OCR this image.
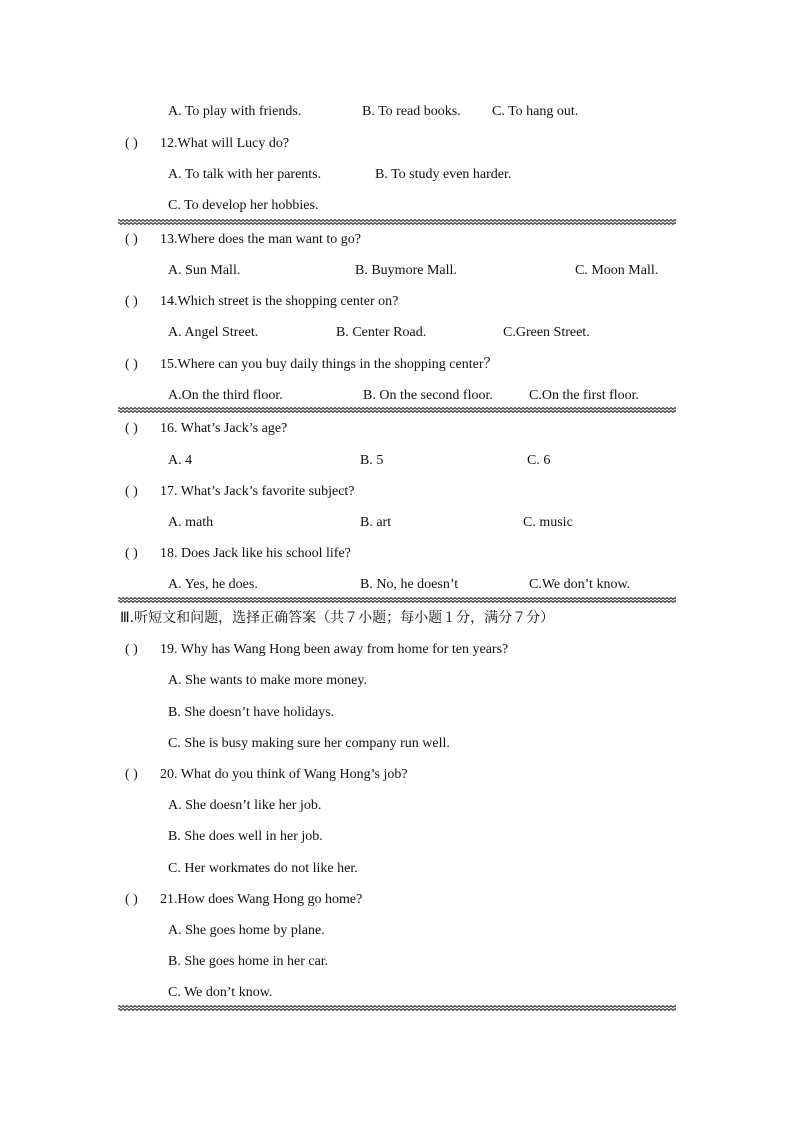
A. To play with friends.	B. To read books. C. To hang out.
( ) 12.What will Lucy do?
A. To talk with her parents.	B. To study even harder.
C. To develop her hobbies.
( ) 13.Where does the man want to go?
A. Sun Mall.	B. Buymore Mall.	C. Moon Mall.
( ) 14.Which street is the shopping center on?
A. Angel Street.	B. Center Road.	C.Green Street.
( ) 15.Where can you buy daily things in the shopping center？
A.On the third floor.	B. On the second floor.	C.On the first floor.
( ) 16. What’s Jack’s age?
A. 4	B. 5	C. 6
( ) 17. What’s Jack’s favorite subject?
A. math	B. art	C. music
( ) 18. Does Jack like his school life?
A. Yes, he does.	B. No, he doesn’t	C.We don’t know.
Ⅲ.听短文和问题，选择正确答案（共７小题；每小题１分，满分７分）
( ) 19. Why has Wang Hong been away from home for ten years?
A. She wants to make more money.
B. She doesn’t have holidays.
C. She is busy making sure her company run well.
( ) 20. What do you think of Wang Hong’s job?
A. She doesn’t like her job.
B. She does well in her job.
C. Her workmates do not like her.
( ) 21.How does Wang Hong go home?
A. She goes home by plane.
B. She goes home in her car.
C. We don’t know.
